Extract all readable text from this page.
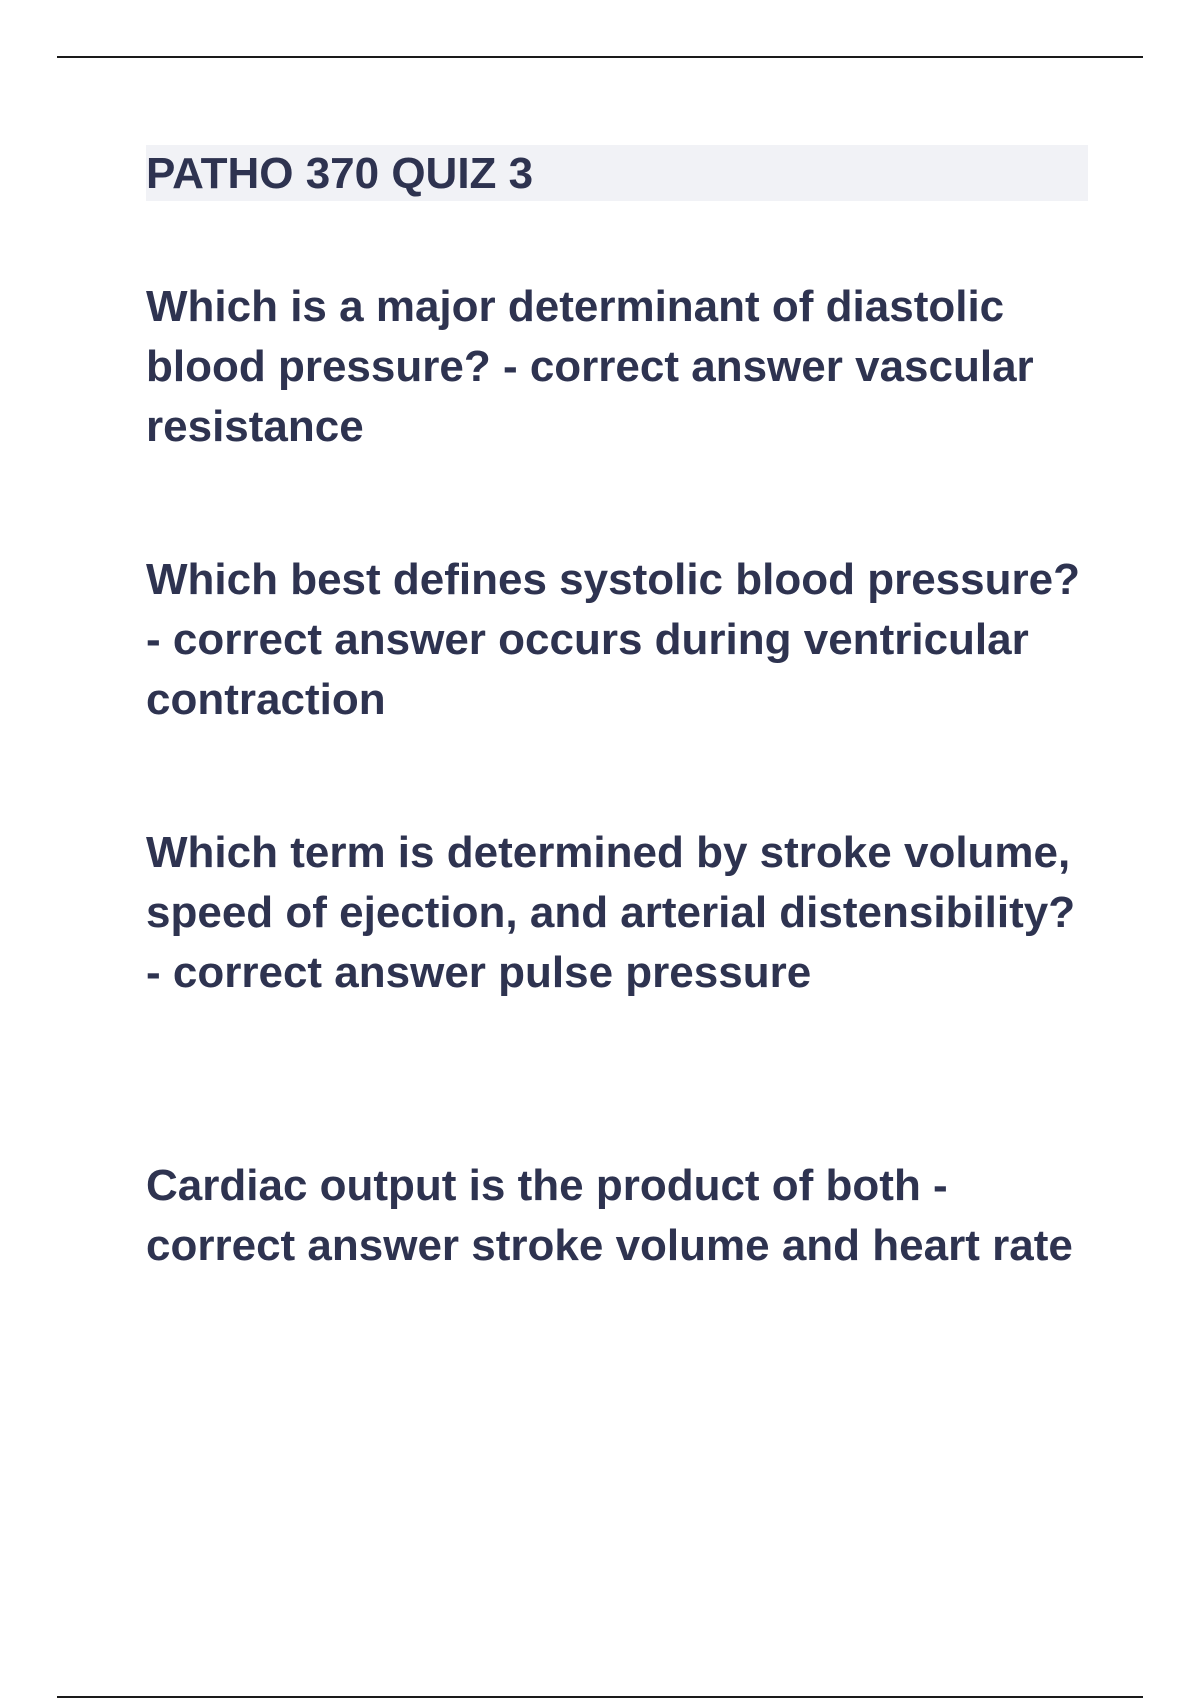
PATHO 370 QUIZ 3

Which is a major determinant of diastolic blood pressure? - correct answer vascular resistance

Which best defines systolic blood pressure? - correct answer occurs during ventricular contraction

Which term is determined by stroke volume, speed of ejection, and arterial distensibility? - correct answer pulse pressure

Cardiac output is the product of both - correct answer stroke volume and heart rate
